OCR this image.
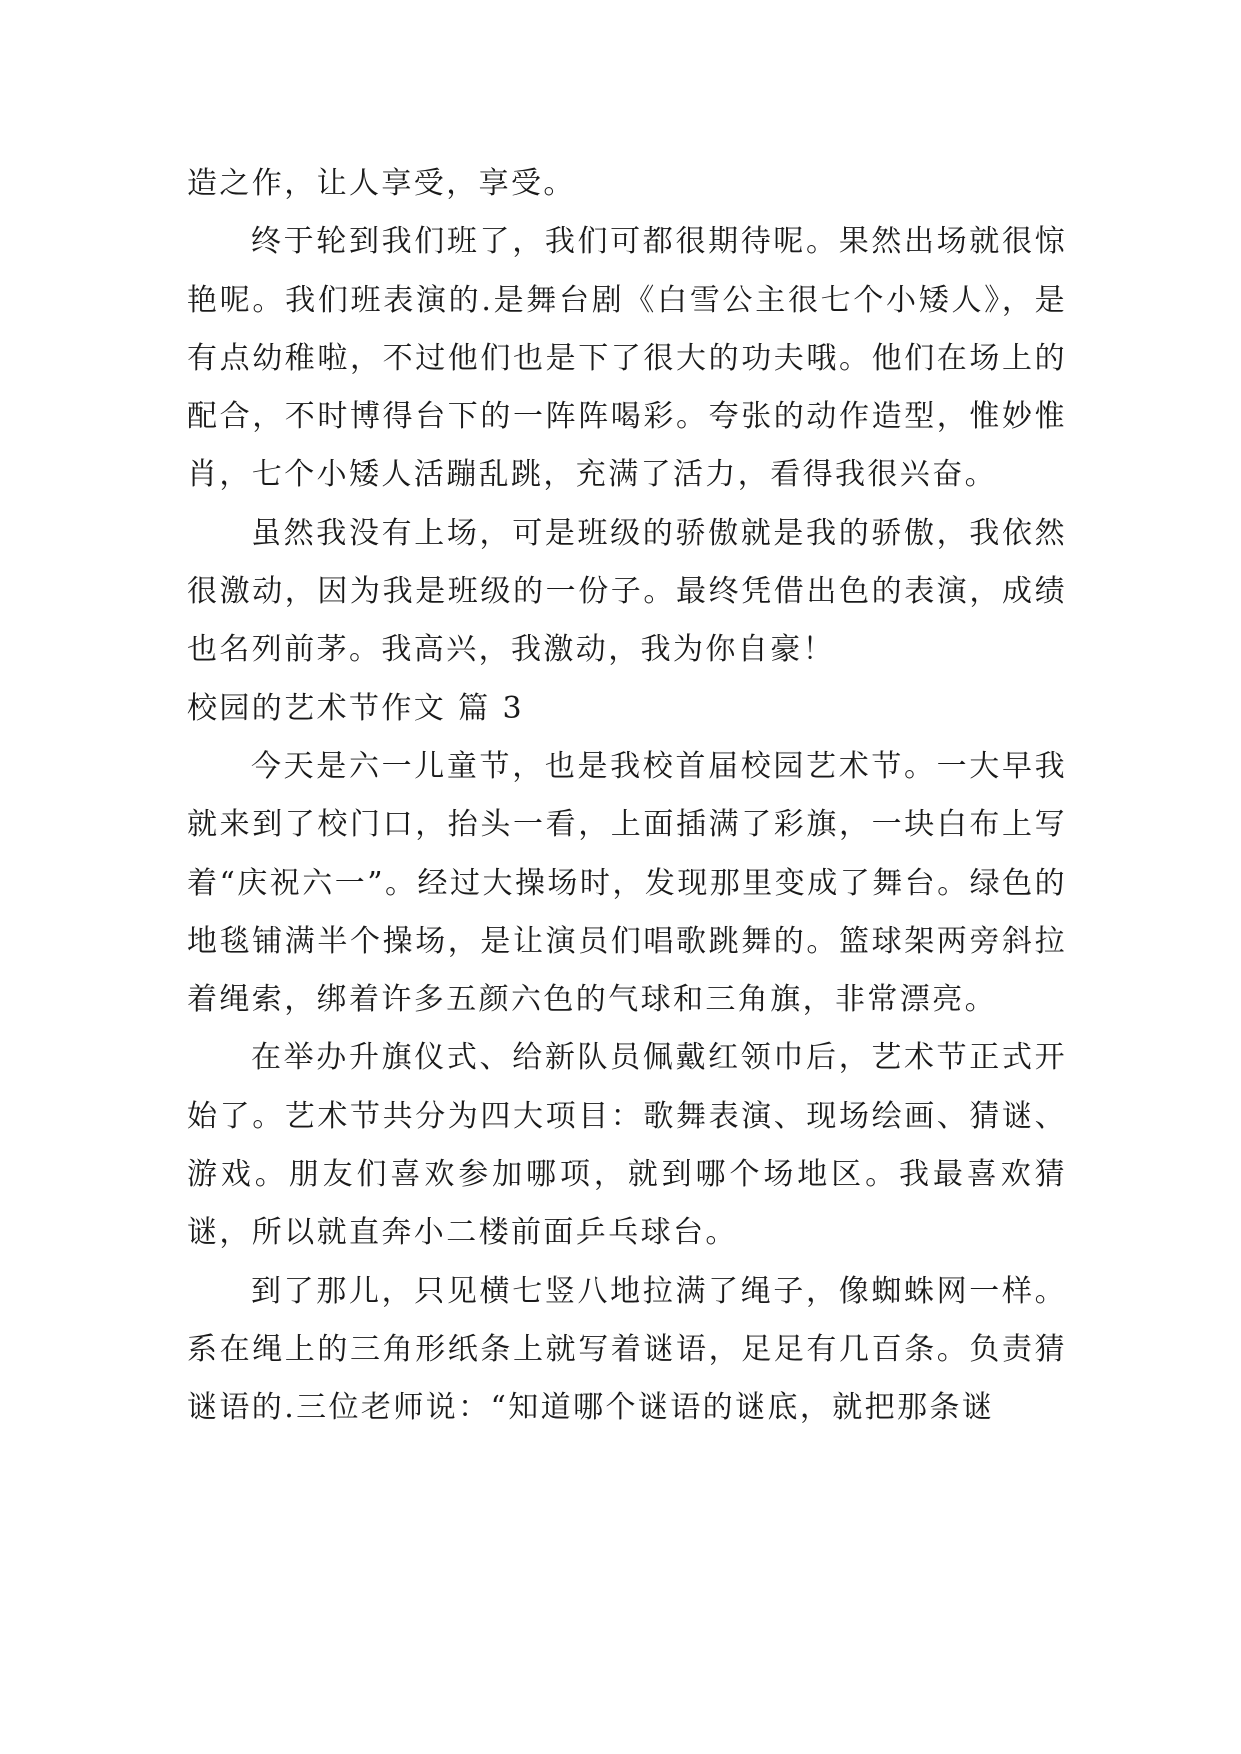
造之作，让人享受，享受。

终于轮到我们班了，我们可都很期待呢。果然出场就很惊艳呢。我们班表演的.是舞台剧《白雪公主很七个小矮人》，是有点幼稚啦，不过他们也是下了很大的功夫哦。他们在场上的配合，不时博得台下的一阵阵喝彩。夸张的动作造型，惟妙惟肖，七个小矮人活蹦乱跳，充满了活力，看得我很兴奋。

虽然我没有上场，可是班级的骄傲就是我的骄傲，我依然很激动，因为我是班级的一份子。最终凭借出色的表演，成绩也名列前茅。我高兴，我激动，我为你自豪！

校园的艺术节作文 篇 3

今天是六一儿童节，也是我校首届校园艺术节。一大早我就来到了校门口，抬头一看，上面插满了彩旗，一块白布上写着“庆祝六一”。经过大操场时，发现那里变成了舞台。绿色的地毯铺满半个操场，是让演员们唱歌跳舞的。篮球架两旁斜拉着绳索，绑着许多五颜六色的气球和三角旗，非常漂亮。

在举办升旗仪式、给新队员佩戴红领巾后，艺术节正式开始了。艺术节共分为四大项目：歌舞表演、现场绘画、猜谜、游戏。朋友们喜欢参加哪项，就到哪个场地区。我最喜欢猜谜，所以就直奔小二楼前面乒乓球台。

到了那儿，只见横七竖八地拉满了绳子，像蜘蛛网一样。系在绳上的三角形纸条上就写着谜语，足足有几百条。负责猜谜语的.三位老师说：“知道哪个谜语的谜底，就把那条谜
